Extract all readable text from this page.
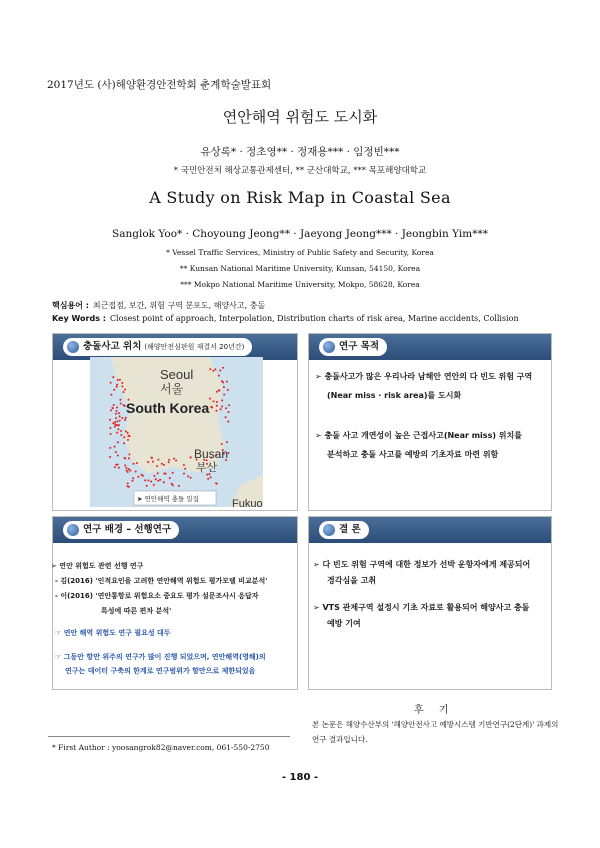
2017년도 (사)해양환경안전학회 춘계학술발표회
연안해역 위험도 도시화
유상록* · 정초영** · 정재용*** · 임정빈***
* 국민안전처 해상교통관제센터, ** 군산대학교, *** 목포해양대학교
A Study on Risk Map in Coastal Sea
Sanglok Yoo* · Choyoung Jeong** · Jaeyong Jeong*** · Jeongbin Yim***
* Vessel Traffic Services, Ministry of Public Safety and Security, Korea
** Kunsan National Maritime University, Kunsan, 54150, Korea
*** Mokpo National Maritime University, Mokpo, 58628, Korea
핵심용어 : 최근접점, 보간, 위험 구역 분포도, 해양사고, 충돌
Key Words : Closest point of approach, Interpolation, Distribution charts of risk area, Marine accidents, Collision
충돌사고 위치 (해양안전심판원 재결서 20년간)
Seoul
서울
South Korea
Busan
부산
Fukuo
➤ 연안해역 충돌 밀집
연구 목적
➢ 충돌사고가 많은 우리나라 남해안 연안의 다 빈도 위험 구역
(Near miss · risk area)를 도시화
➢ 충돌 사고 개연성이 높은 근접사고(Near miss) 위치를
분석하고 충돌 사고를 예방의 기초자료 마련 위함
연구 배경 – 선행연구
➢ 연안 위험도 관련 선행 연구
- 김(2016) '인적요인을 고려한 연안해역 위험도 평가모델 비교분석'
- 이(2016) '연안통항로 위험요소 중요도 평가 설문조사시 응답자
특성에 따른 편차 분석'
☞ 연안 해역 위험도 연구 필요성 대두
☞ 그동안 항만 위주의 연구가 많이 진행 되었으며, 연안해역(영해)의
연구는 데이터 구축의 한계로 연구범위가 항만으로 제한되었음
결 론
➢ 다 빈도 위험 구역에 대한 정보가 선박 운항자에게 제공되어
경각심을 고취
➢ VTS 관제구역 설정시 기초 자료로 활용되어 해양사고 충돌
예방 기여
후 기
본 논문은 해양수산부의 '해양안전사고 예방시스템 기반연구(2단계)' 과제의 연구 결과입니다.
* First Author : yoosangrok82@naver.com, 061-550-2750
- 180 -
